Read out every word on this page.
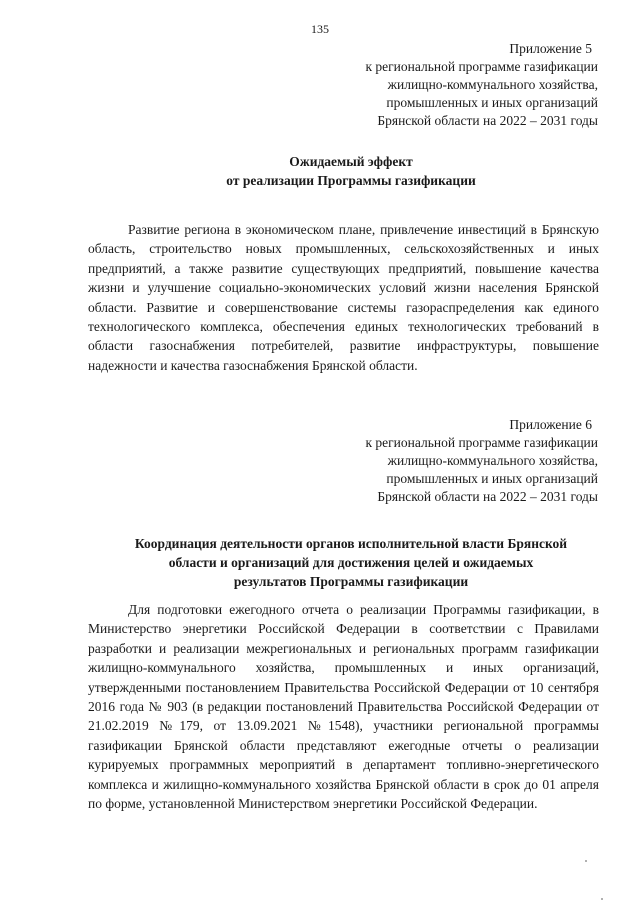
135
Приложение 5
к региональной программе газификации
жилищно-коммунального хозяйства,
промышленных и иных организаций
Брянской области на 2022 – 2031 годы
Ожидаемый эффект
от реализации Программы газификации

Развитие региона в экономическом плане, привлечение инвестиций в Брянскую область, строительство новых промышленных, сельскохозяйственных и иных предприятий, а также развитие существующих предприятий, повышение качества жизни и улучшение социально-экономических условий жизни населения Брянской области. Развитие и совершенствование системы газораспределения как единого технологического комплекса, обеспечения единых технологических требований в области газоснабжения потребителей, развитие инфраструктуры, повышение надежности и качества газоснабжения Брянской области.

Приложение 6
к региональной программе газификации
жилищно-коммунального хозяйства,
промышленных и иных организаций
Брянской области на 2022 – 2031 годы
Координация деятельности органов исполнительной власти Брянской
области и организаций для достижения целей и ожидаемых
результатов Программы газификации

Для подготовки ежегодного отчета о реализации Программы газификации, в Министерство энергетики Российской Федерации в соответствии с Правилами разработки и реализации межрегиональных и региональных программ газификации жилищно-коммунального хозяйства, промышленных и иных организаций, утвержденными постановлением Правительства Российской Федерации от 10 сентября 2016 года № 903 (в редакции постановлений Правительства Российской Федерации от 21.02.2019 №179, от 13.09.2021 №1548), участники региональной программы газификации Брянской области представляют ежегодные отчеты о реализации курируемых программных мероприятий в департамент топливно-энергетического комплекса и жилищно-коммунального хозяйства Брянской области в срок до 01 апреля по форме, установленной Министерством энергетики Российской Федерации.
